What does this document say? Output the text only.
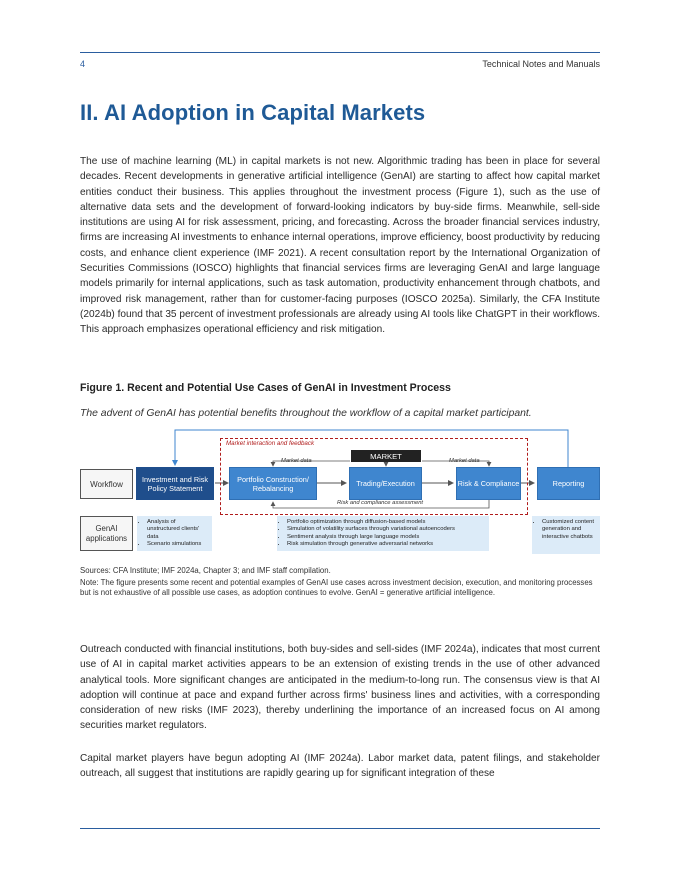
4	Technical Notes and Manuals
II. AI Adoption in Capital Markets

The use of machine learning (ML) in capital markets is not new. Algorithmic trading has been in place for several decades. Recent developments in generative artificial intelligence (GenAI) are starting to affect how capital market entities conduct their business. This applies throughout the investment process (Figure 1), such as the use of alternative data sets and the development of forward-looking indicators by buy-side firms. Meanwhile, sell-side institutions are using AI for risk assessment, pricing, and forecasting. Across the broader financial services industry, firms are increasing AI investments to enhance internal operations, improve efficiency, boost productivity by reducing costs, and enhance client experience (IMF 2021). A recent consultation report by the International Organization of Securities Commissions (IOSCO) highlights that financial services firms are leveraging GenAI and large language models primarily for internal applications, such as task automation, productivity enhancement through chatbots, and improved risk management, rather than for customer-facing purposes (IOSCO 2025a). Similarly, the CFA Institute (2024b) found that 35 percent of investment professionals are already using AI tools like ChatGPT in their workflows. This approach emphasizes operational efficiency and risk mitigation.

Figure 1. Recent and Potential Use Cases of GenAI in Investment Process
The advent of GenAI has potential benefits throughout the workflow of a capital market participant.
Market interaction and feedback
MARKET
Market data	Market data
Risk and compliance assessment
Workflow
Investment and Risk Policy Statement
Portfolio Construction/ Rebalancing	Trading/Execution	Risk & Compliance	Reporting
GenAI applications
• Analysis of unstructured clients' data
• Scenario simulations
• Portfolio optimization through diffusion-based models
• Simulation of volatility surfaces through variational autoencoders
• Sentiment analysis through large language models
• Risk simulation through generative adversarial networks
• Customized content generation and interactive chatbots

Sources: CFA Institute; IMF 2024a, Chapter 3; and IMF staff compilation.

Note: The figure presents some recent and potential examples of GenAI use cases across investment decision, execution, and monitoring processes but is not exhaustive of all possible use cases, as adoption continues to evolve. GenAI = generative artificial intelligence.

Outreach conducted with financial institutions, both buy-sides and sell-sides (IMF 2024a), indicates that most current use of AI in capital market activities appears to be an extension of existing trends in the use of other advanced analytical tools. More significant changes are anticipated in the medium-to-long run. The consensus view is that AI adoption will continue at pace and expand further across firms' business lines and activities, with a corresponding consideration of new risks (IMF 2023), thereby underlining the importance of an increased focus on AI among securities market regulators.

Capital market players have begun adopting AI (IMF 2024a). Labor market data, patent filings, and stakeholder outreach, all suggest that institutions are rapidly gearing up for significant integration of these
